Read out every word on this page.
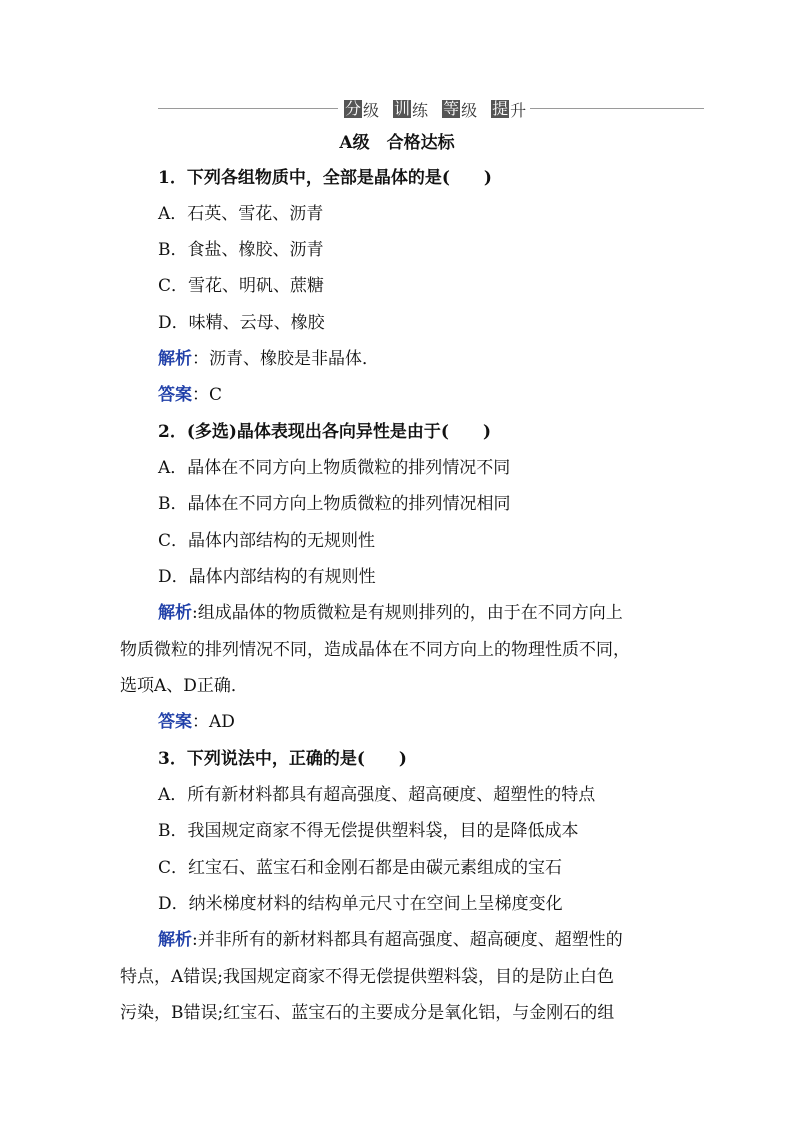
分 级 训 练 等 级 提 升
A级　合格达标
1．下列各组物质中，全部是晶体的是(　　)
A．石英、雪花、沥青
B．食盐、橡胶、沥青
C．雪花、明矾、蔗糖
D．味精、云母、橡胶
解析：沥青、橡胶是非晶体．
答案：C
2．(多选)晶体表现出各向异性是由于(　　)
A．晶体在不同方向上物质微粒的排列情况不同
B．晶体在不同方向上物质微粒的排列情况相同
C．晶体内部结构的无规则性
D．晶体内部结构的有规则性
解析:组成晶体的物质微粒是有规则排列的，由于在不同方向上
物质微粒的排列情况不同，造成晶体在不同方向上的物理性质不同，
选项A、D正确．
答案：AD
3．下列说法中，正确的是(　　)
A．所有新材料都具有超高强度、超高硬度、超塑性的特点
B．我国规定商家不得无偿提供塑料袋，目的是降低成本
C．红宝石、蓝宝石和金刚石都是由碳元素组成的宝石
D．纳米梯度材料的结构单元尺寸在空间上呈梯度变化
解析:并非所有的新材料都具有超高强度、超高硬度、超塑性的
特点，A错误;我国规定商家不得无偿提供塑料袋，目的是防止白色
污染，B错误;红宝石、蓝宝石的主要成分是氧化铝，与金刚石的组
